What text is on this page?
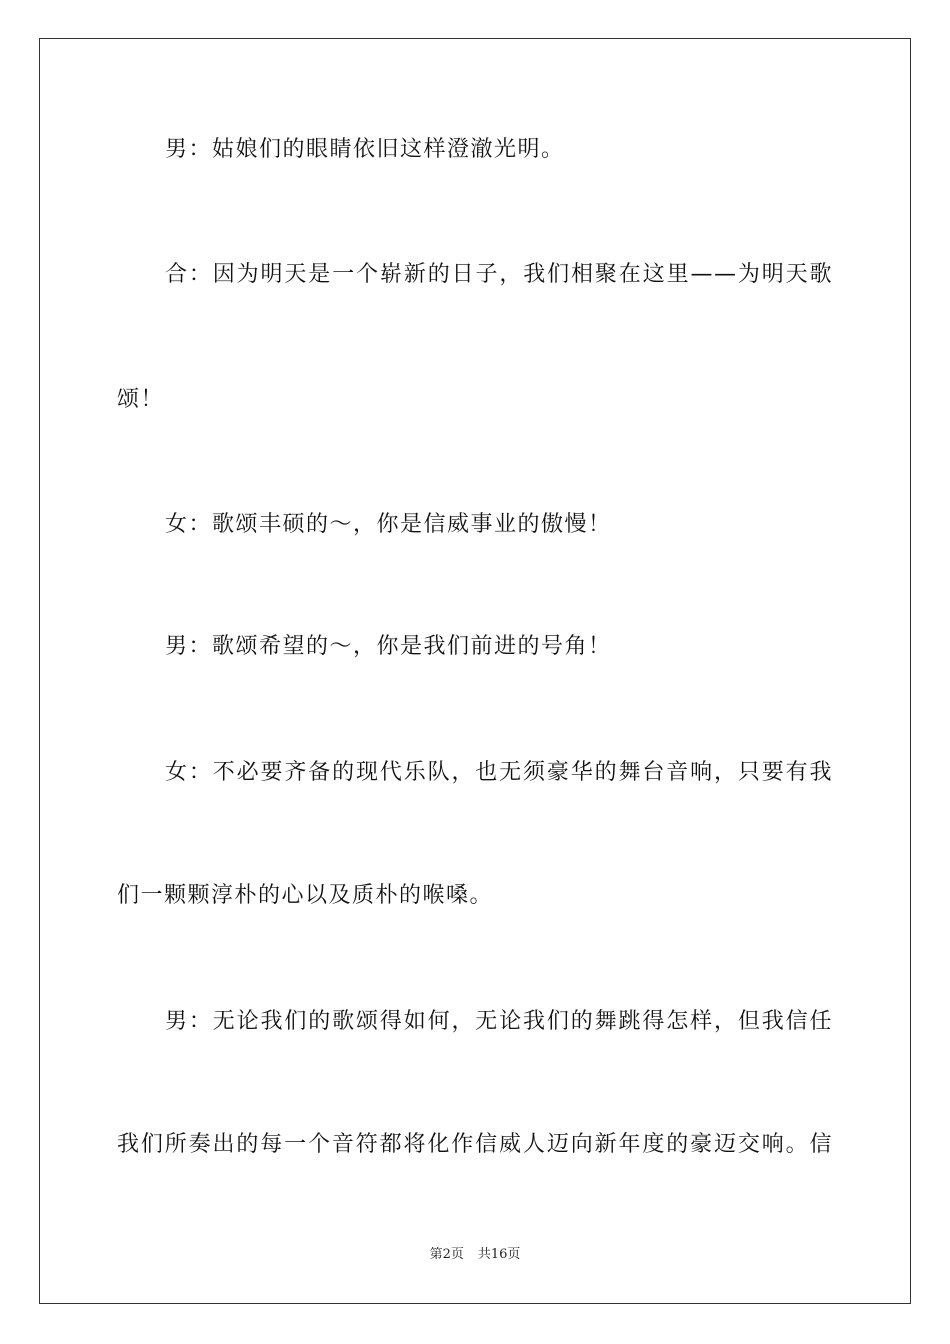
男：姑娘们的眼睛依旧这样澄澈光明。
合：因为明天是一个崭新的日子，我们相聚在这里——为明天歌
颂！
女：歌颂丰硕的～，你是信威事业的傲慢！
男：歌颂希望的～，你是我们前进的号角！
女：不必要齐备的现代乐队，也无须豪华的舞台音响，只要有我
们一颗颗淳朴的心以及质朴的喉嗓。
男：无论我们的歌颂得如何，无论我们的舞跳得怎样，但我信任
我们所奏出的每一个音符都将化作信威人迈向新年度的豪迈交响。信
第2页 共16页
